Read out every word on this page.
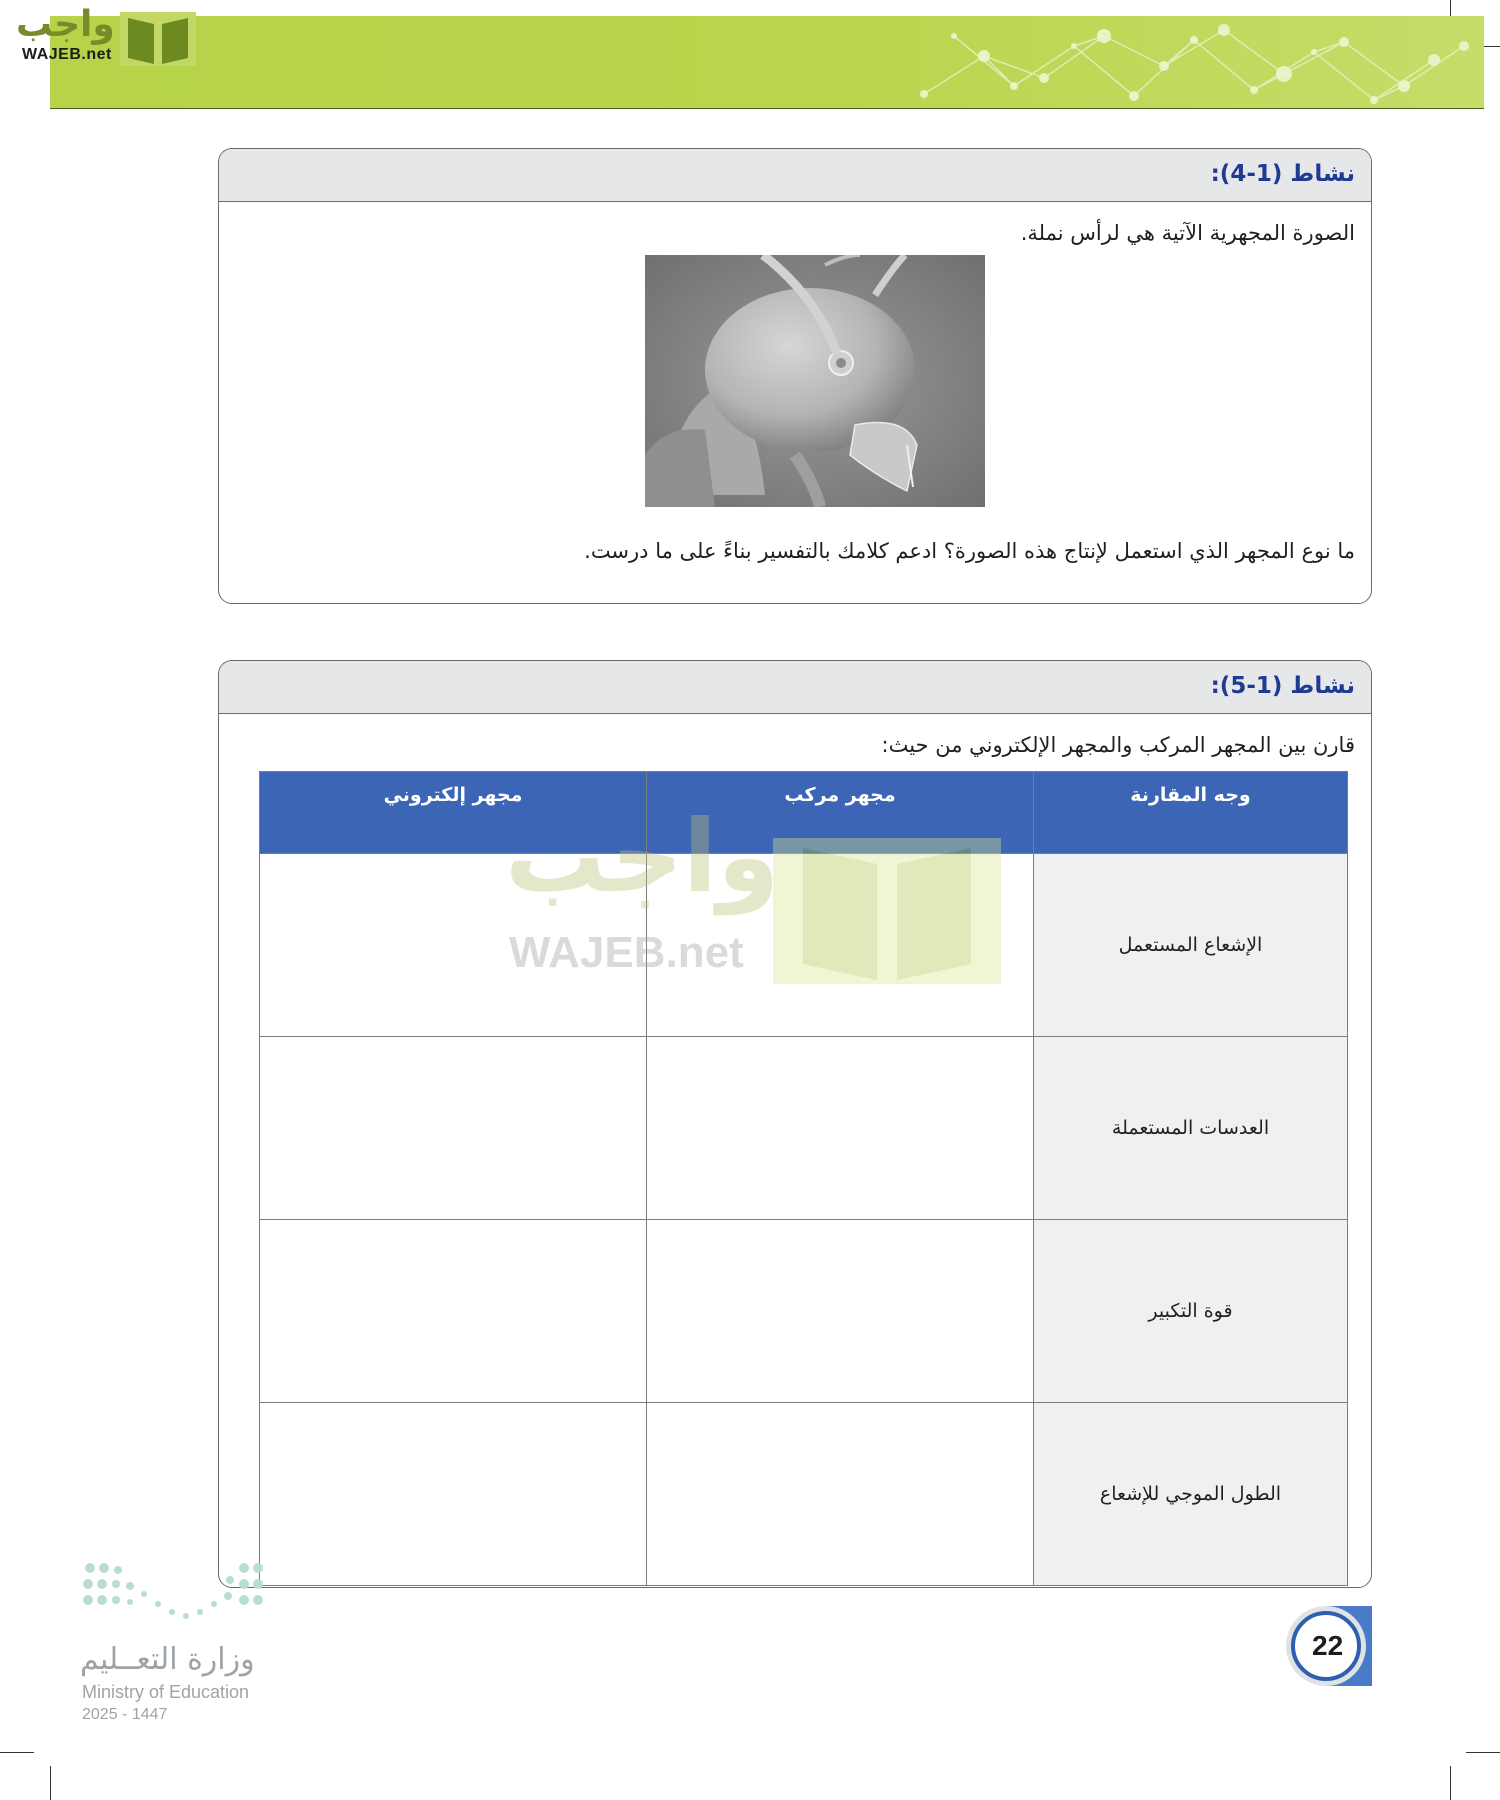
واجب
WAJEB.net
نشاط (1-4):
الصورة المجهرية الآتية هي لرأس نملة.
ما نوع المجهر الذي استعمل لإنتاج هذه الصورة؟ ادعم كلامك بالتفسير بناءً على ما درست.
نشاط (1-5):
قارن بين المجهر المركب والمجهر الإلكتروني من حيث:
وجه المقارنة	مجهر مركب	مجهر إلكتروني
الإشعاع المستعمل		
العدسات المستعملة		
قوة التكبير		
الطول الموجي للإشعاع		
واجب
WAJEB.net
وزارة التعــليم
Ministry of Education
2025 - 1447
22
